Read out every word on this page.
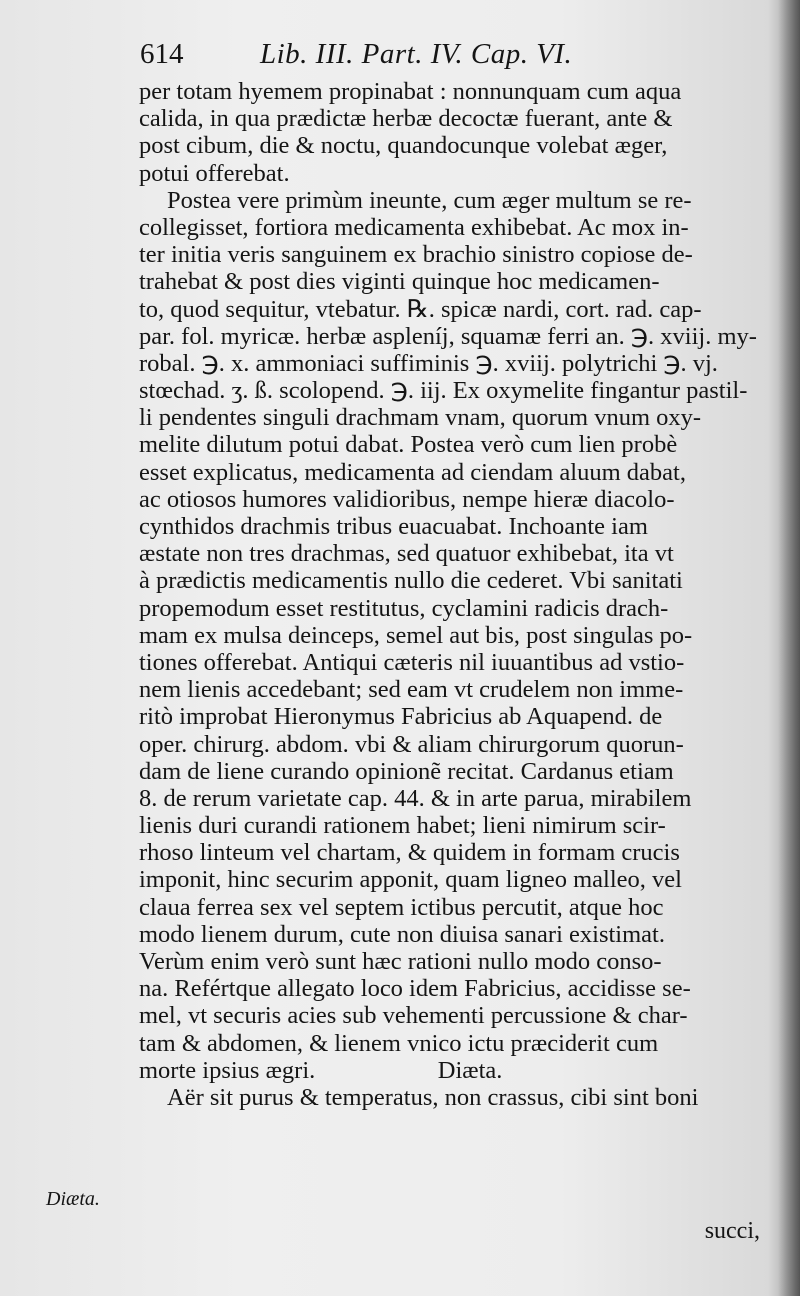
614	Lib. III. Part. IV. Cap. VI.
per totam hyemem propinabat : nonnunquam cum aqua
calida, in qua prædictæ herbæ decoctæ fuerant, ante &
post cibum, die & noctu, quandocunque volebat æger,
potui offerebat.
Postea vere primùm ineunte, cum æger multum se re-
collegisset, fortiora medicamenta exhibebat. Ac mox in-
ter initia veris sanguinem ex brachio sinistro copiose de-
trahebat & post dies viginti quinque hoc medicamen-
to, quod sequitur, vtebatur. ℞. spicæ nardi, cort. rad. cap-
par. fol. myricæ. herbæ aspleníj, squamæ ferri an. ℈. xviij. my-
robal. ℈. x. ammoniaci suffiminis ℈. xviij. polytrichi ℈. vj.
stœchad. ʒ. ß. scolopend. ℈. iij. Ex oxymelite fingantur pastil-
li pendentes singuli drachmam vnam, quorum vnum oxy-
melite dilutum potui dabat. Postea verò cum lien probè
esset explicatus, medicamenta ad ciendam aluum dabat,
ac otiosos humores validioribus, nempe hieræ diacolo-
cynthidos drachmis tribus euacuabat. Inchoante iam
æstate non tres drachmas, sed quatuor exhibebat, ita vt
à prædictis medicamentis nullo die cederet. Vbi sanitati
propemodum esset restitutus, cyclamini radicis drach-
mam ex mulsa deinceps, semel aut bis, post singulas po-
tiones offerebat. Antiqui cæteris nil iuuantibus ad vstio-
nem lienis accedebant; sed eam vt crudelem non imme-
ritò improbat Hieronymus Fabricius ab Aquapend. de
oper. chirurg. abdom. vbi & aliam chirurgorum quorun-
dam de liene curando opinionẽ recitat. Cardanus etiam
8. de rerum varietate cap. 44. & in arte parua, mirabilem
lienis duri curandi rationem habet; lieni nimirum scir-
rhoso linteum vel chartam, & quidem in formam crucis
imponit, hinc securim apponit, quam ligneo malleo, vel
claua ferrea sex vel septem ictibus percutit, atque hoc
modo lienem durum, cute non diuisa sanari existimat.
Verùm enim verò sunt hæc rationi nullo modo conso-
na. Refértque allegato loco idem Fabricius, accidisse se-
mel, vt securis acies sub vehementi percussione & char-
tam & abdomen, & lienem vnico ictu præciderit cum
morte ipsius ægri.                    Diæta.
Aër sit purus & temperatus, non crassus, cibi sint boni
Diæta.
succi,
